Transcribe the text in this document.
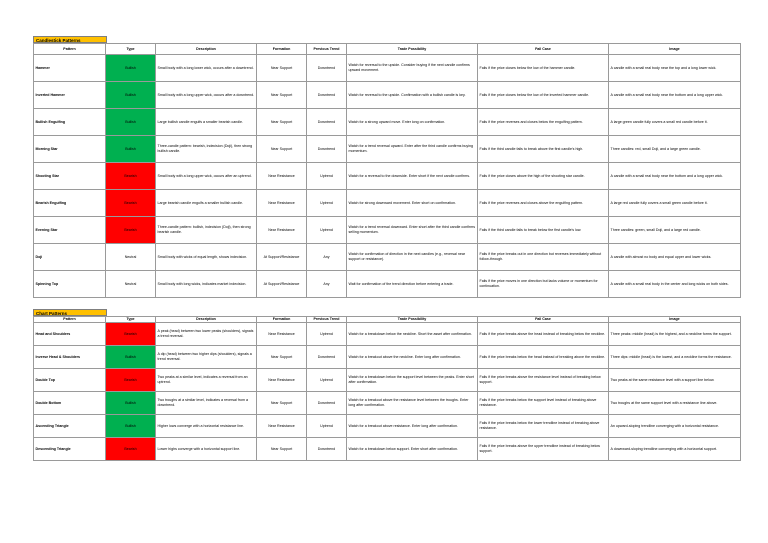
Candlestick Patterns
Pattern	Type	Description	Formation	Previous Trend	Trade Possibility	Fail Case	Image
Hammer	Bullish	Small body with a long lower wick, occurs after a downtrend.	Near Support	Downtrend	Watch for reversal to the upside. Consider buying if the next candle confirms upward movement.	Fails if the price closes below the low of the hammer candle.	A candle with a small real body near the top and a long lower wick.
Inverted Hammer	Bullish	Small body with a long upper wick, occurs after a downtrend.	Near Support	Downtrend	Watch for reversal to the upside. Confirmation with a bullish candle is key.	Fails if the price closes below the low of the inverted hammer candle.	A candle with a small real body near the bottom and a long upper wick.
Bullish Engulfing	Bullish	Large bullish candle engulfs a smaller bearish candle.	Near Support	Downtrend	Watch for a strong upward move. Enter long on confirmation.	Fails if the price reverses and closes below the engulfing pattern.	A large green candle fully covers a small red candle before it.
Morning Star	Bullish	Three-candle pattern: bearish, indecision (Doji), then strong bullish candle.	Near Support	Downtrend	Watch for a trend reversal upward. Enter after the third candle confirms buying momentum.	Fails if the third candle fails to break above the first candle's high.	Three candles: red, small Doji, and a large green candle.
Shooting Star	Bearish	Small body with a long upper wick, occurs after an uptrend.	Near Resistance	Uptrend	Watch for a reversal to the downside. Enter short if the next candle confirms.	Fails if the price closes above the high of the shooting star candle.	A candle with a small real body near the bottom and a long upper wick.
Bearish Engulfing	Bearish	Large bearish candle engulfs a smaller bullish candle.	Near Resistance	Uptrend	Watch for strong downward movement. Enter short on confirmation.	Fails if the price reverses and closes above the engulfing pattern.	A large red candle fully covers a small green candle before it.
Evening Star	Bearish	Three-candle pattern: bullish, indecision (Doji), then strong bearish candle.	Near Resistance	Uptrend	Watch for a trend reversal downward. Enter short after the third candle confirms selling momentum.	Fails if the third candle fails to break below the first candle's low.	Three candles: green, small Doji, and a large red candle.
Doji	Neutral	Small body with wicks of equal length, shows indecision.	At Support/Resistance	Any	Watch for confirmation of direction in the next candles (e.g., reversal near support or resistance).	Fails if the price breaks out in one direction but reverses immediately without follow-through.	A candle with almost no body and equal upper and lower wicks.
Spinning Top	Neutral	Small body with long wicks, indicates market indecision.	At Support/Resistance	Any	Wait for confirmation of the trend direction before entering a trade.	Fails if the price moves in one direction but lacks volume or momentum for continuation.	A candle with a small real body in the center and long wicks on both sides.
Chart Patterns
Pattern	Type	Description	Formation	Previous Trend	Trade Possibility	Fail Case	Image
Head and Shoulders	Bearish	A peak (head) between two lower peaks (shoulders), signals a trend reversal.	Near Resistance	Uptrend	Watch for a breakdown below the neckline. Short the asset after confirmation.	Fails if the price breaks above the head instead of breaking below the neckline.	Three peaks: middle (head) is the highest, and a neckline forms the support.
Inverse Head & Shoulders	Bullish	A dip (head) between two higher dips (shoulders), signals a trend reversal.	Near Support	Downtrend	Watch for a breakout above the neckline. Enter long after confirmation.	Fails if the price breaks below the head instead of breaking above the neckline.	Three dips: middle (head) is the lowest, and a neckline forms the resistance.
Double Top	Bearish	Two peaks at a similar level, indicates a reversal from an uptrend.	Near Resistance	Uptrend	Watch for a breakdown below the support level between the peaks. Enter short after confirmation.	Fails if the price breaks above the resistance level instead of breaking below support.	Two peaks at the same resistance level with a support line below.
Double Bottom	Bullish	Two troughs at a similar level, indicates a reversal from a downtrend.	Near Support	Downtrend	Watch for a breakout above the resistance level between the troughs. Enter long after confirmation.	Fails if the price breaks below the support level instead of breaking above resistance.	Two troughs at the same support level with a resistance line above.
Ascending Triangle	Bullish	Higher lows converge with a horizontal resistance line.	Near Resistance	Uptrend	Watch for a breakout above resistance. Enter long after confirmation.	Fails if the price breaks below the lower trendline instead of breaking above resistance.	An upward-sloping trendline converging with a horizontal resistance.
Descending Triangle	Bearish	Lower highs converge with a horizontal support line.	Near Support	Downtrend	Watch for a breakdown below support. Enter short after confirmation.	Fails if the price breaks above the upper trendline instead of breaking below support.	A downward-sloping trendline converging with a horizontal support.
